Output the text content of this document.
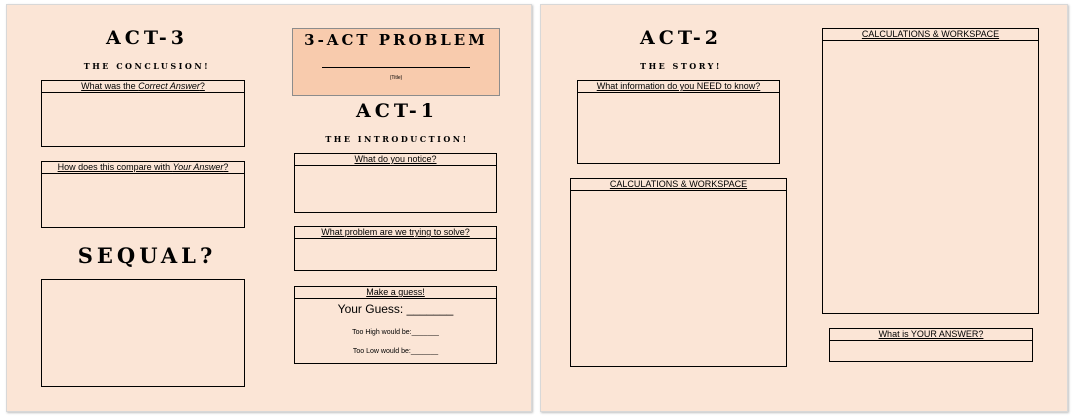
ACT-3
THE CONCLUSION!
What was the Correct Answer?
How does this compare with Your Answer?
SEQUAL?
3-ACT PROBLEM
(Title)
ACT-1
THE INTRODUCTION!
What do you notice?
What problem are we trying to solve?
Make a guess!
Your Guess: _______
Too High would be:_______
Too Low would be:_______
ACT-2
THE STORY!
What information do you NEED to know?
CALCULATIONS & WORKSPACE
CALCULATIONS & WORKSPACE
What is YOUR ANSWER?
